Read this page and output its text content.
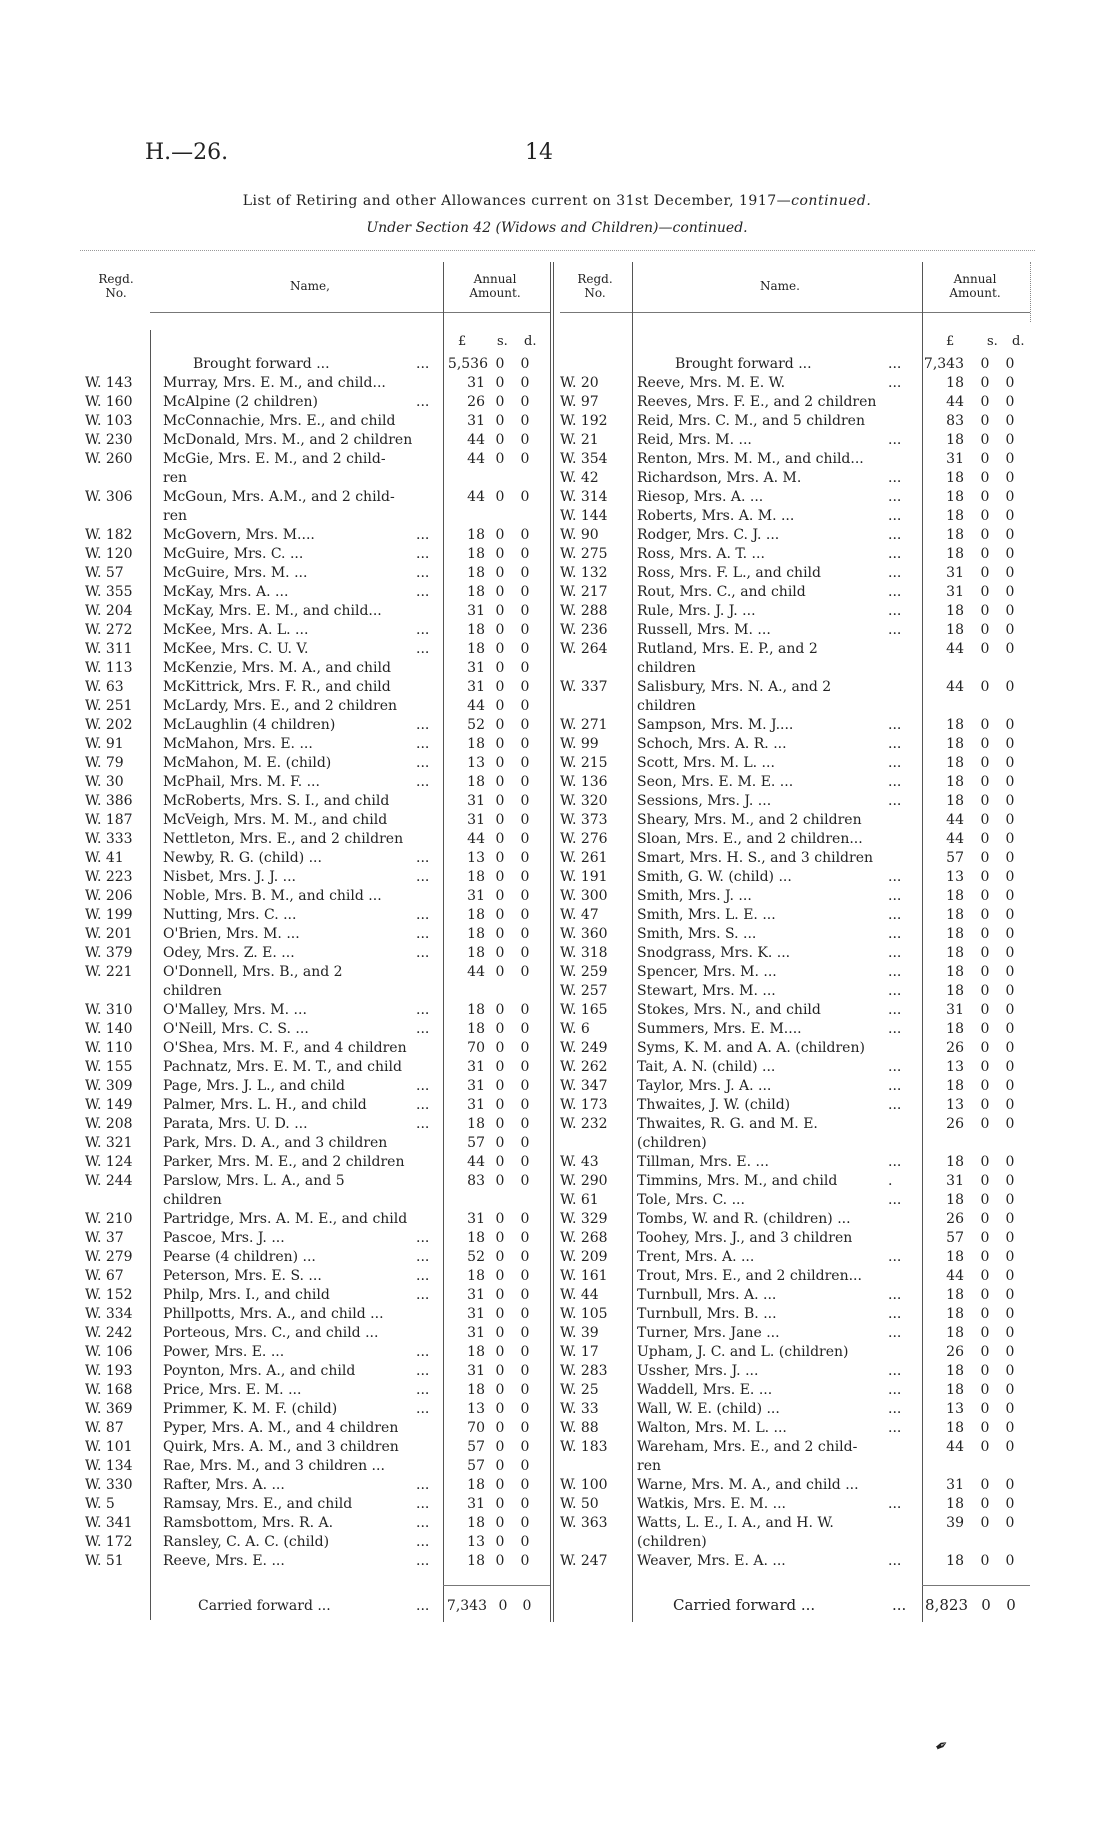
H.—26.	14
List of Retiring and other Allowances current on 31st December, 1917—continued.
Under Section 42 (Widows and Children)—continued.
Regd.
No.	Name,	Annual
Amount.
Regd.
No.	Name.	Annual
Amount.
£ s. d.	£	s. d.
Brought forward ...	...	5,536 0 0
W. 143	Murray, Mrs. E. M., and child...	31 0 0
W. 160	McAlpine (2 children)	...	26 0 0
W. 103	McConnachie, Mrs. E., and child	31 0 0
W. 230	McDonald, Mrs. M., and 2 children	44 0 0
W. 260	McGie, Mrs. E. M., and 2 child-	44 0 0
ren
W. 306	McGoun, Mrs. A.M., and 2 child-	44 0 0
ren
W. 182	McGovern, Mrs. M....	...	18 0 0
W. 120	McGuire, Mrs. C. ...	...	18 0 0
W. 57	McGuire, Mrs. M. ...	...	18 0 0
W. 355	McKay, Mrs. A. ...	...	18 0 0
W. 204	McKay, Mrs. E. M., and child...	31 0 0
W. 272	McKee, Mrs. A. L. ...	...	18 0 0
W. 311	McKee, Mrs. C. U. V.	...	18 0 0
W. 113	McKenzie, Mrs. M. A., and child	31 0 0
W. 63	McKittrick, Mrs. F. R., and child	31 0 0
W. 251	McLardy, Mrs. E., and 2 children	44 0 0
W. 202	McLaughlin (4 children)	...	52 0 0
W. 91	McMahon, Mrs. E. ...	...	18 0 0
W. 79	McMahon, M. E. (child)	...	13 0 0
W. 30	McPhail, Mrs. M. F. ...	...	18 0 0
W. 386	McRoberts, Mrs. S. I., and child	31 0 0
W. 187	McVeigh, Mrs. M. M., and child	31 0 0
W. 333	Nettleton, Mrs. E., and 2 children	44 0 0
W. 41	Newby, R. G. (child) ...	...	13 0 0
W. 223	Nisbet, Mrs. J. J. ...	...	18 0 0
W. 206	Noble, Mrs. B. M., and child ...	31 0 0
W. 199	Nutting, Mrs. C. ...	...	18 0 0
W. 201	O'Brien, Mrs. M. ...	...	18 0 0
W. 379	Odey, Mrs. Z. E. ...	...	18 0 0
W. 221	O'Donnell, Mrs. B., and 2	44 0 0
children
W. 310	O'Malley, Mrs. M. ...	...	18 0 0
W. 140	O'Neill, Mrs. C. S. ...	...	18 0 0
W. 110	O'Shea, Mrs. M. F., and 4 children	70 0 0
W. 155	Pachnatz, Mrs. E. M. T., and child	31 0 0
W. 309	Page, Mrs. J. L., and child	...	31 0 0
W. 149	Palmer, Mrs. L. H., and child	...	31 0 0
W. 208	Parata, Mrs. U. D. ...	...	18 0 0
W. 321	Park, Mrs. D. A., and 3 children	57 0 0
W. 124	Parker, Mrs. M. E., and 2 children	44 0 0
W. 244	Parslow, Mrs. L. A., and 5	83 0 0
children
W. 210	Partridge, Mrs. A. M. E., and child	31 0 0
W. 37	Pascoe, Mrs. J. ...	...	18 0 0
W. 279	Pearse (4 children) ...	...	52 0 0
W. 67	Peterson, Mrs. E. S. ...	...	18 0 0
W. 152	Philp, Mrs. I., and child	...	31 0 0
W. 334	Phillpotts, Mrs. A., and child ...	31 0 0
W. 242	Porteous, Mrs. C., and child ...	31 0 0
W. 106	Power, Mrs. E. ...	...	18 0 0
W. 193	Poynton, Mrs. A., and child	...	31 0 0
W. 168	Price, Mrs. E. M. ...	...	18 0 0
W. 369	Primmer, K. M. F. (child)	...	13 0 0
W. 87	Pyper, Mrs. A. M., and 4 children	70 0 0
W. 101	Quirk, Mrs. A. M., and 3 children	57 0 0
W. 134	Rae, Mrs. M., and 3 children ...	57 0 0
W. 330	Rafter, Mrs. A. ...	...	18 0 0
W. 5	Ramsay, Mrs. E., and child	...	31 0 0
W. 341	Ramsbottom, Mrs. R. A.	...	18 0 0
W. 172	Ransley, C. A. C. (child)	...	13 0 0
W. 51	Reeve, Mrs. E. ...	...	18 0 0
Brought forward ...	...	7,343 0 0
W. 20	Reeve, Mrs. M. E. W.	...	18 0 0
W. 97	Reeves, Mrs. F. E., and 2 children	44 0 0
W. 192	Reid, Mrs. C. M., and 5 children	83 0 0
W. 21	Reid, Mrs. M. ...	...	18 0 0
W. 354	Renton, Mrs. M. M., and child...	31 0 0
W. 42	Richardson, Mrs. A. M.	...	18 0 0
W. 314	Riesop, Mrs. A. ...	...	18 0 0
W. 144	Roberts, Mrs. A. M. ...	...	18 0 0
W. 90	Rodger, Mrs. C. J. ...	...	18 0 0
W. 275	Ross, Mrs. A. T. ...	...	18 0 0
W. 132	Ross, Mrs. F. L., and child	...	31 0 0
W. 217	Rout, Mrs. C., and child	...	31 0 0
W. 288	Rule, Mrs. J. J. ...	...	18 0 0
W. 236	Russell, Mrs. M. ...	...	18 0 0
W. 264	Rutland, Mrs. E. P., and 2	44 0 0
children
W. 337	Salisbury, Mrs. N. A., and 2	44 0 0
children
W. 271	Sampson, Mrs. M. J....	...	18 0 0
W. 99	Schoch, Mrs. A. R. ...	...	18 0 0
W. 215	Scott, Mrs. M. L. ...	...	18 0 0
W. 136	Seon, Mrs. E. M. E. ...	...	18 0 0
W. 320	Sessions, Mrs. J. ...	...	18 0 0
W. 373	Sheary, Mrs. M., and 2 children	44 0 0
W. 276	Sloan, Mrs. E., and 2 children...	44 0 0
W. 261	Smart, Mrs. H. S., and 3 children	57 0 0
W. 191	Smith, G. W. (child) ...	...	13 0 0
W. 300	Smith, Mrs. J. ...	...	18 0 0
W. 47	Smith, Mrs. L. E. ...	...	18 0 0
W. 360	Smith, Mrs. S. ...	...	18 0 0
W. 318	Snodgrass, Mrs. K. ...	...	18 0 0
W. 259	Spencer, Mrs. M. ...	...	18 0 0
W. 257	Stewart, Mrs. M. ...	...	18 0 0
W. 165	Stokes, Mrs. N., and child	...	31 0 0
W. 6	Summers, Mrs. E. M....	...	18 0 0
W. 249	Syms, K. M. and A. A. (children)	26 0 0
W. 262	Tait, A. N. (child) ...	...	13 0 0
W. 347	Taylor, Mrs. J. A. ...	...	18 0 0
W. 173	Thwaites, J. W. (child)	...	13 0 0
W. 232	Thwaites, R. G. and M. E.	26 0 0
(children)
W. 43	Tillman, Mrs. E. ...	...	18 0 0
W. 290	Timmins, Mrs. M., and child	.	31 0 0
W. 61	Tole, Mrs. C. ...	...	18 0 0
W. 329	Tombs, W. and R. (children) ...	26 0 0
W. 268	Toohey, Mrs. J., and 3 children	57 0 0
W. 209	Trent, Mrs. A. ...	...	18 0 0
W. 161	Trout, Mrs. E., and 2 children...	44 0 0
W. 44	Turnbull, Mrs. A. ...	...	18 0 0
W. 105	Turnbull, Mrs. B. ...	...	18 0 0
W. 39	Turner, Mrs. Jane ...	...	18 0 0
W. 17	Upham, J. C. and L. (children)	26 0 0
W. 283	Ussher, Mrs. J. ...	...	18 0 0
W. 25	Waddell, Mrs. E. ...	...	18 0 0
W. 33	Wall, W. E. (child) ...	...	13 0 0
W. 88	Walton, Mrs. M. L. ...	...	18 0 0
W. 183	Wareham, Mrs. E., and 2 child-	44 0 0
ren
W. 100	Warne, Mrs. M. A., and child ...	31 0 0
W. 50	Watkis, Mrs. E. M. ...	...	18 0 0
W. 363	Watts, L. E., I. A., and H. W.	39 0 0
(children)
W. 247	Weaver, Mrs. E. A. ...	...	18 0 0
Carried forward ...	...	7,343 0 0	Carried forward ...	...	8,823 0 0
✒
